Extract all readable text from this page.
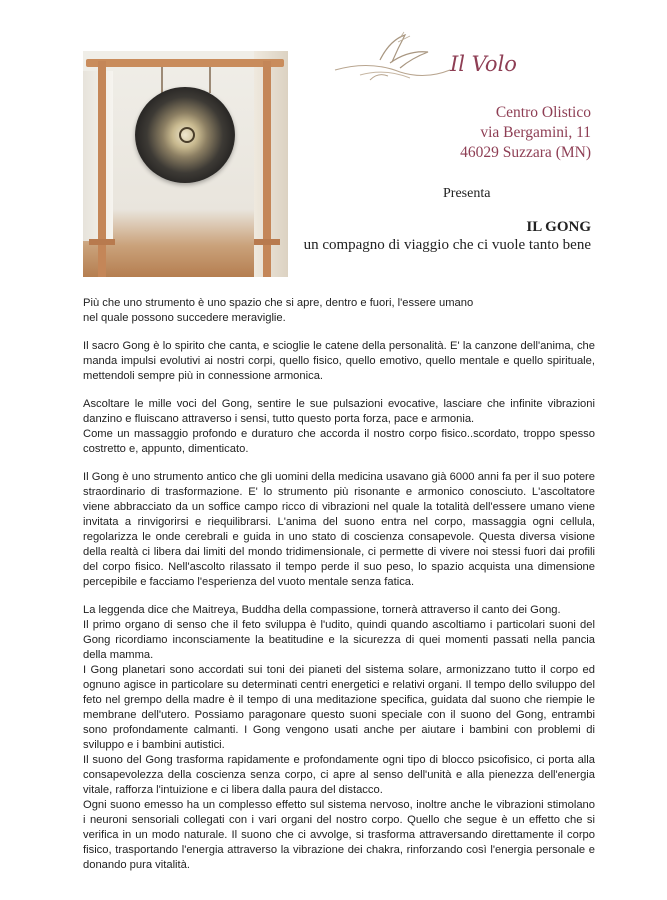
Il Volo
Centro Olistico
via Bergamini, 11
46029 Suzzara (MN)
Presenta
IL GONG
un compagno di viaggio che ci vuole tanto bene

Più che uno strumento è uno spazio che si apre, dentro e fuori, l'essere umano
nel quale possono succedere meraviglie.

Il sacro Gong è lo spirito che canta, e scioglie le catene della personalità. E' la canzone dell'anima, che manda impulsi evolutivi ai nostri corpi, quello fisico, quello emotivo, quello mentale e quello spirituale, mettendoli sempre più in connessione armonica.

Ascoltare le mille voci del Gong, sentire le sue pulsazioni evocative, lasciare che infinite vibrazioni danzino e fluiscano attraverso i sensi, tutto questo porta forza, pace e armonia.
Come un massaggio profondo e duraturo che accorda il nostro corpo fisico..scordato, troppo spesso costretto e, appunto, dimenticato.

Il Gong è uno strumento antico che gli uomini della medicina usavano già 6000 anni fa per il suo potere straordinario di trasformazione. E' lo strumento più risonante e armonico conosciuto. L'ascoltatore viene abbracciato da un soffice campo ricco di vibrazioni nel quale la totalità dell'essere umano viene invitata a rinvigorirsi e riequilibrarsi. L'anima del suono entra nel corpo, massaggia ogni cellula, regolarizza le onde cerebrali e guida in uno stato di coscienza consapevole. Questa diversa visione della realtà ci libera dai limiti del mondo tridimensionale, ci permette di vivere noi stessi fuori dai profili del corpo fisico. Nell'ascolto rilassato il tempo perde il suo peso, lo spazio acquista una dimensione percepibile e facciamo l'esperienza del vuoto mentale senza fatica.

La leggenda dice che Maitreya, Buddha della compassione, tornerà attraverso il canto dei Gong.
Il primo organo di senso che il feto sviluppa è l'udito, quindi quando ascoltiamo i particolari suoni del Gong ricordiamo inconsciamente la beatitudine e la sicurezza di quei momenti passati nella pancia della mamma.
I Gong planetari sono accordati sui toni dei pianeti del sistema solare, armonizzano tutto il corpo ed ognuno agisce in particolare su determinati centri energetici e relativi organi. Il tempo dello sviluppo del feto nel grempo della madre è il tempo di una meditazione specifica, guidata dal suono che riempie le membrane dell'utero. Possiamo paragonare questo suoni speciale con il suono del Gong, entrambi sono profondamente calmanti. I Gong vengono usati anche per aiutare i bambini con problemi di sviluppo e i bambini autistici.
Il suono del Gong trasforma rapidamente e profondamente ogni tipo di blocco psicofisico, ci porta alla consapevolezza della coscienza senza corpo, ci apre al senso dell'unità e alla pienezza dell'energia vitale, rafforza l'intuizione e ci libera dalla paura del distacco.
Ogni suono emesso ha un complesso effetto sul sistema nervoso, inoltre anche le vibrazioni stimolano i neuroni sensoriali collegati con i vari organi del nostro corpo. Quello che segue è un effetto che si verifica in un modo naturale. Il suono che ci avvolge, si trasforma attraversando direttamente il corpo fisico, trasportando l'energia attraverso la vibrazione dei chakra, rinforzando così l'energia personale e donando pura vitalità.
